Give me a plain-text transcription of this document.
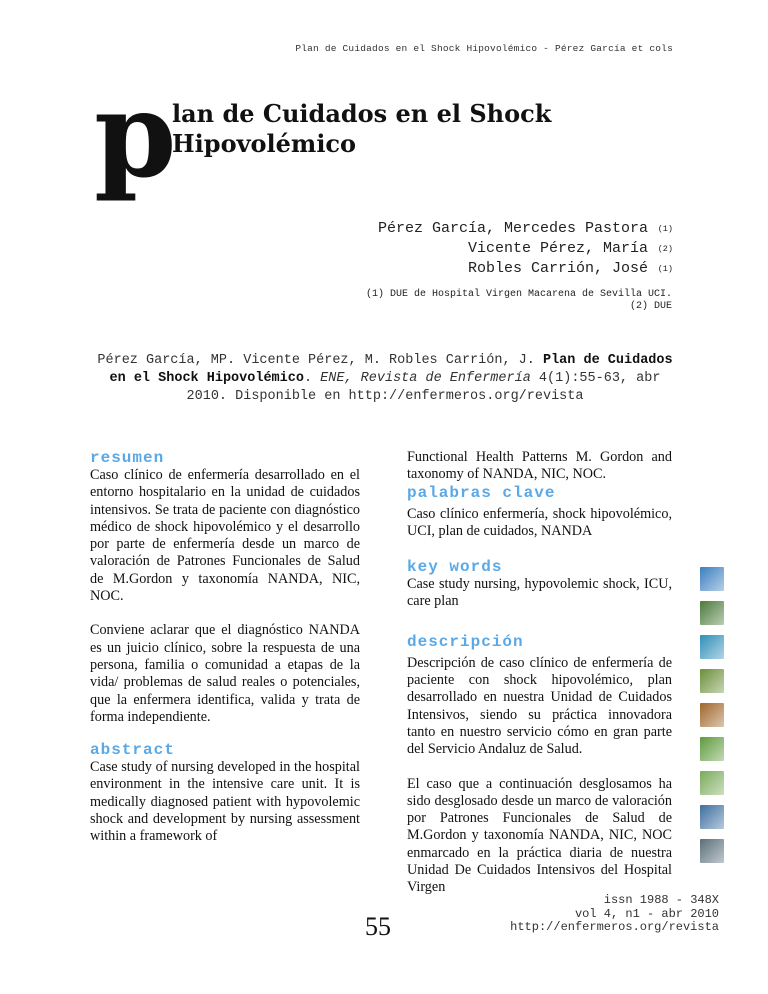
Plan de Cuidados en el Shock Hipovolémico - Pérez García et cols
p
lan de Cuidados en el Shock
Hipovolémico
Pérez García, Mercedes Pastora (1)
Vicente Pérez, María (2)
Robles Carrión, José (1)
(1) DUE de Hospital Virgen Macarena de Sevilla UCI.
(2) DUE
Pérez García, MP. Vicente Pérez, M. Robles Carrión, J. Plan de Cuidados en el Shock Hipovolémico. ENE, Revista de Enfermería 4(1):55-63, abr 2010. Disponible en http://enfermeros.org/revista
resumen

Caso clínico de enfermería desarrollado en el entorno hospitalario en la unidad de cuidados intensivos. Se trata de paciente con diagnóstico médico de shock hipovolémico y el desarrollo por parte de enfermería desde un marco de valoración de Patrones Funcionales de Salud de M.Gordon y taxonomía NANDA, NIC, NOC.

Conviene aclarar que el diagnóstico NANDA es un juicio clínico, sobre la respuesta de una persona, familia o comunidad a etapas de la vida/ problemas de salud reales o potenciales, que la enfermera identifica, valida y trata de forma independiente.

abstract

Case study of nursing developed in the hospital environment in the intensive care unit. It is medically diagnosed patient with hypovolemic shock and development by nursing assessment within a framework of

Functional Health Patterns M. Gordon and taxonomy of NANDA, NIC, NOC.

palabras clave

Caso clínico enfermería, shock hipovolémico, UCI, plan de cuidados, NANDA

key words

Case study nursing, hypovolemic shock, ICU, care plan

descripción

Descripción de caso clínico de enfermería de paciente con shock hipovolémico, plan desarrollado en nuestra Unidad de Cuidados Intensivos, siendo su práctica innovadora tanto en nuestro servicio cómo en gran parte del Servicio Andaluz de Salud.

El caso que a continuación desglosamos ha sido desglosado desde un marco de valoración por Patrones Funcionales de Salud de M.Gordon y taxonomía NANDA, NIC, NOC enmarcado en la práctica diaria de nuestra Unidad De Cuidados Intensivos del Hospital Virgen

55
issn 1988 - 348X
vol 4, n1 - abr 2010
http://enfermeros.org/revista
